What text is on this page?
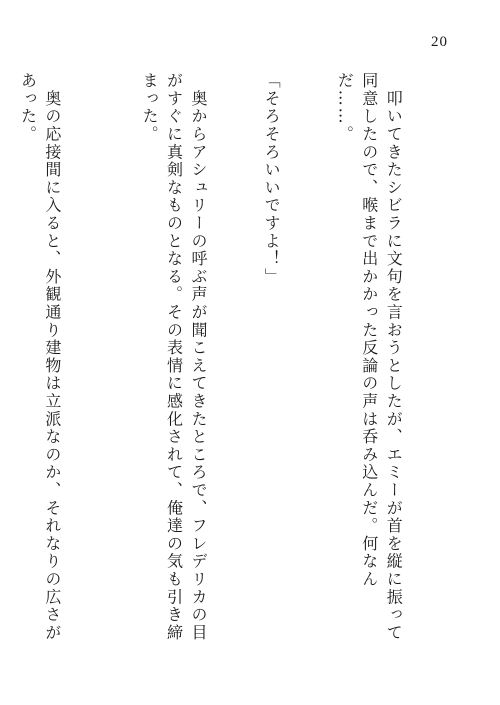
20

　叩いてきたシビラに文句を言おうとしたが、エミーが首を縦に振って同意したので、喉まで出かかった反論の声は呑み込んだ。何なんだ……。

「そろそろいいですよ！」

　奥からアシュリーの呼ぶ声が聞こえてきたところで、フレデリカの目がすぐに真剣なものとなる。その表情に感化されて、俺達の気も引き締まった。

　奥の応接間に入ると、外観通り建物は立派なのか、それなりの広さがあった。
